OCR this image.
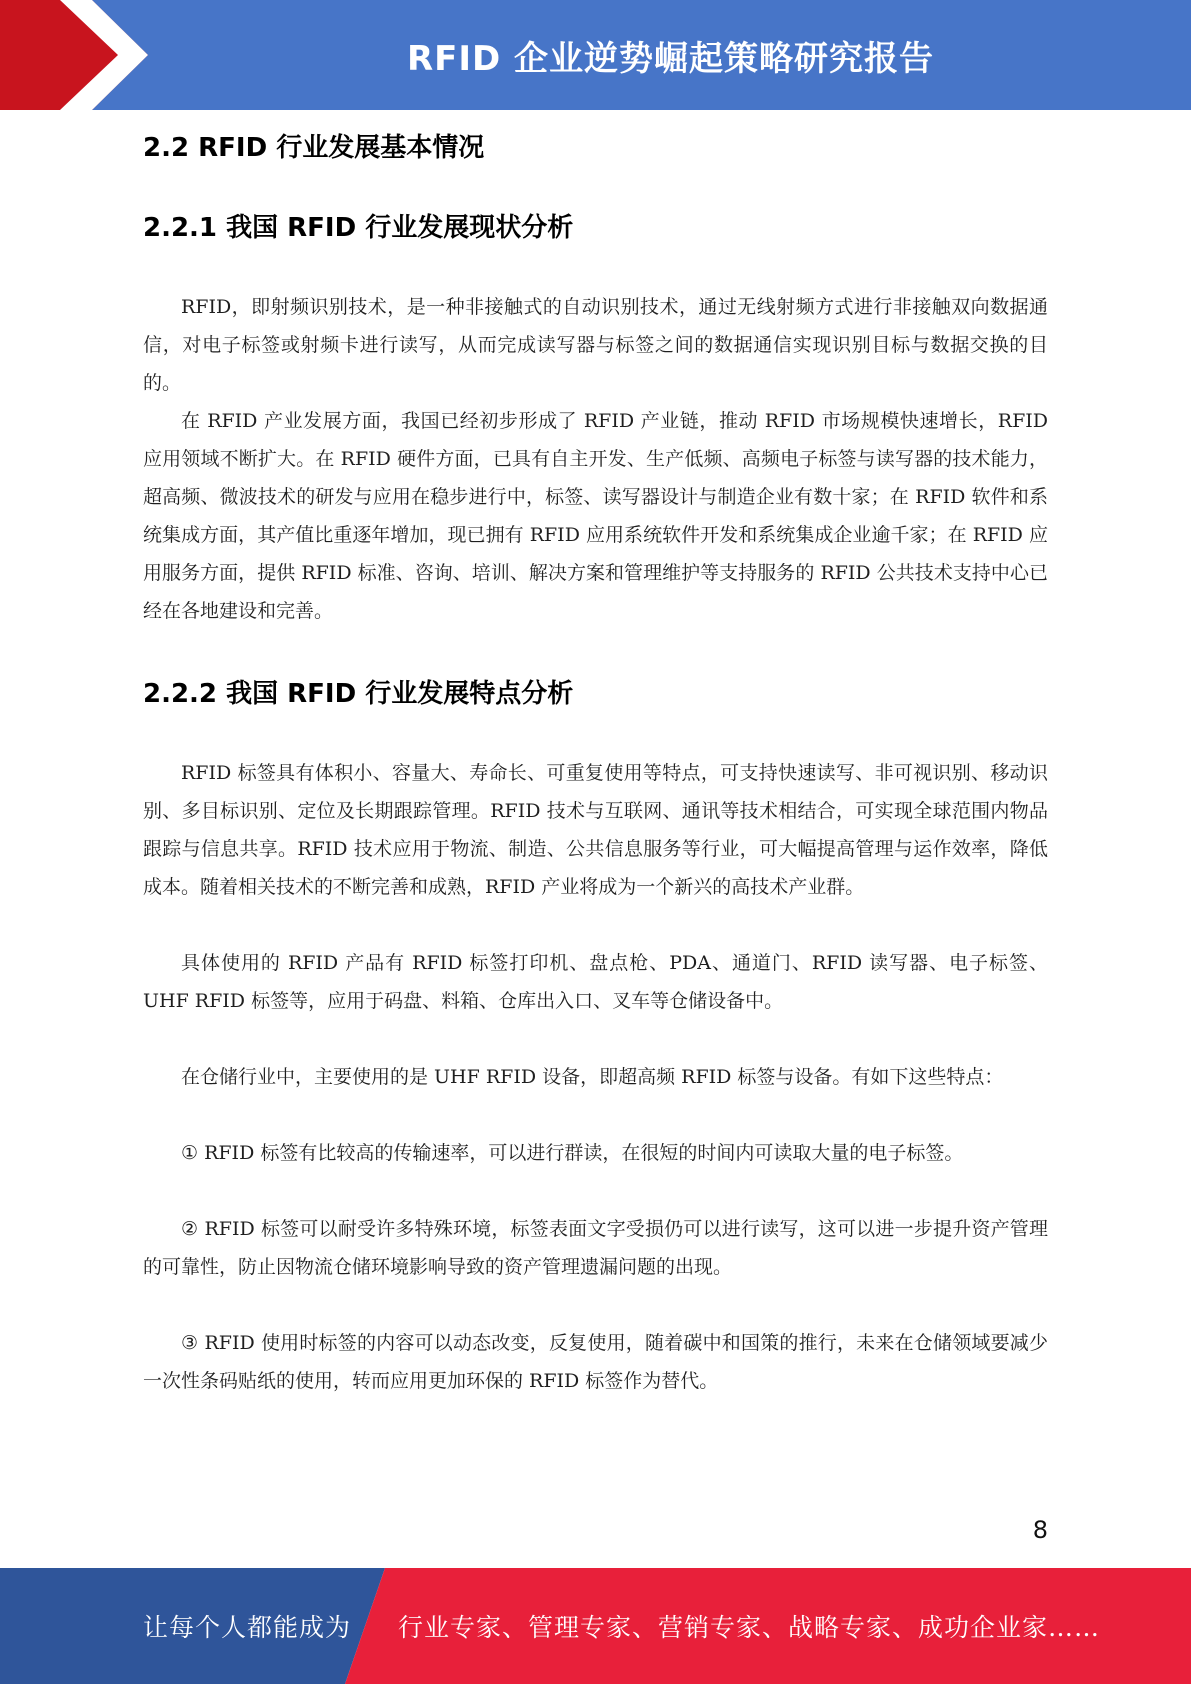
RFID 企业逆势崛起策略研究报告
2.2 RFID 行业发展基本情况
2.2.1 我国 RFID 行业发展现状分析

RFID，即射频识别技术，是一种非接触式的自动识别技术，通过无线射频方式进行非接触双向数据通信，对电子标签或射频卡进行读写，从而完成读写器与标签之间的数据通信实现识别目标与数据交换的目的。

在 RFID 产业发展方面，我国已经初步形成了 RFID 产业链，推动 RFID 市场规模快速增长，RFID 应用领域不断扩大。在 RFID 硬件方面，已具有自主开发、生产低频、高频电子标签与读写器的技术能力，超高频、微波技术的研发与应用在稳步进行中，标签、读写器设计与制造企业有数十家；在 RFID 软件和系统集成方面，其产值比重逐年增加，现已拥有 RFID 应用系统软件开发和系统集成企业逾千家；在 RFID 应用服务方面，提供 RFID 标准、咨询、培训、解决方案和管理维护等支持服务的 RFID 公共技术支持中心已经在各地建设和完善。

2.2.2 我国 RFID 行业发展特点分析

RFID 标签具有体积小、容量大、寿命长、可重复使用等特点，可支持快速读写、非可视识别、移动识别、多目标识别、定位及长期跟踪管理。RFID 技术与互联网、通讯等技术相结合，可实现全球范围内物品跟踪与信息共享。RFID 技术应用于物流、制造、公共信息服务等行业，可大幅提高管理与运作效率，降低成本。随着相关技术的不断完善和成熟，RFID 产业将成为一个新兴的高技术产业群。

具体使用的 RFID 产品有 RFID 标签打印机、盘点枪、PDA、通道门、RFID 读写器、电子标签、UHF RFID 标签等，应用于码盘、料箱、仓库出入口、叉车等仓储设备中。

在仓储行业中，主要使用的是 UHF RFID 设备，即超高频 RFID 标签与设备。有如下这些特点：

① RFID 标签有比较高的传输速率，可以进行群读，在很短的时间内可读取大量的电子标签。

② RFID 标签可以耐受许多特殊环境，标签表面文字受损仍可以进行读写，这可以进一步提升资产管理的可靠性，防止因物流仓储环境影响导致的资产管理遗漏问题的出现。

③ RFID 使用时标签的内容可以动态改变，反复使用，随着碳中和国策的推行，未来在仓储领域要减少一次性条码贴纸的使用，转而应用更加环保的 RFID 标签作为替代。

8
让每个人都能成为 行业专家、管理专家、营销专家、战略专家、成功企业家……
